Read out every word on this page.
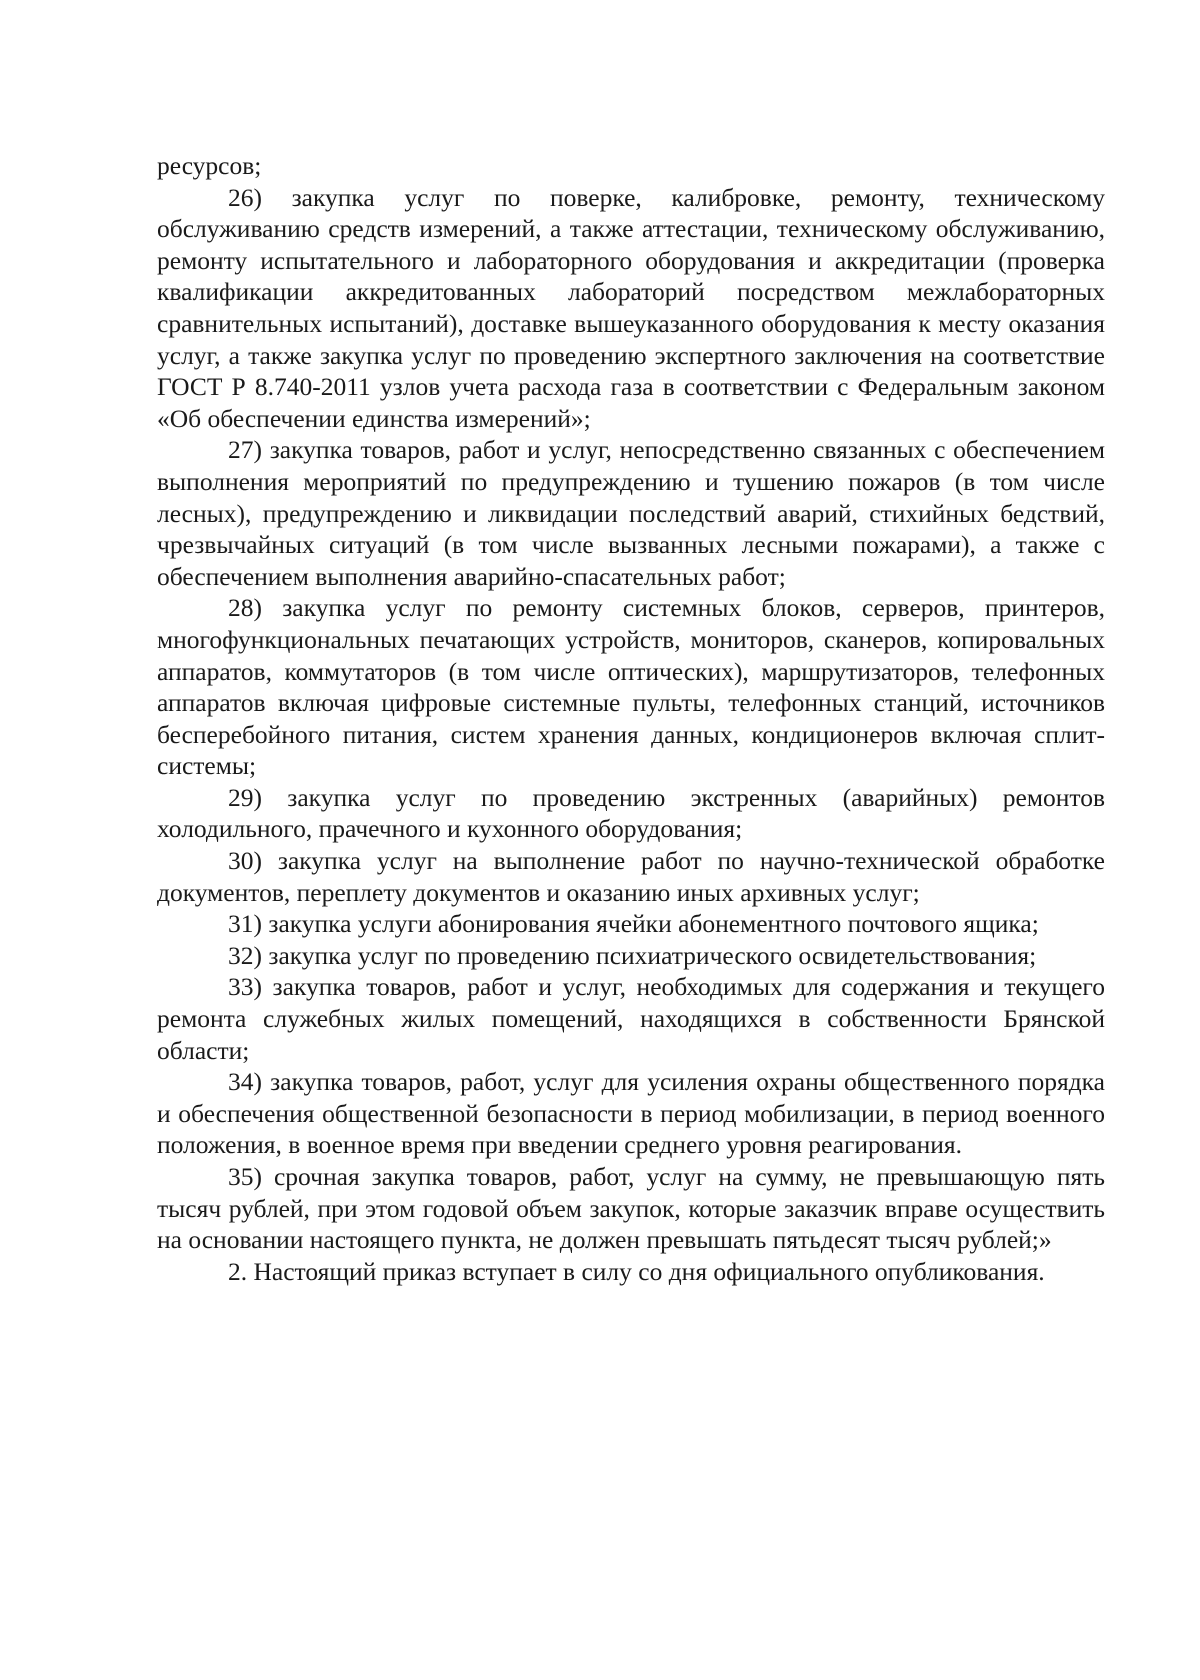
ресурсов;

26) закупка услуг по поверке, калибровке, ремонту, техническому обслуживанию средств измерений, а также аттестации, техническому обслуживанию, ремонту испытательного и лабораторного оборудования и аккредитации (проверка квалификации аккредитованных лабораторий посредством межлабораторных сравнительных испытаний), доставке вышеуказанного оборудования к месту оказания услуг, а также закупка услуг по проведению экспертного заключения на соответствие ГОСТ Р 8.740-2011 узлов учета расхода газа в соответствии с Федеральным законом «Об обеспечении единства измерений»;

27) закупка товаров, работ и услуг, непосредственно связанных с обеспечением выполнения мероприятий по предупреждению и тушению пожаров (в том числе лесных), предупреждению и ликвидации последствий аварий, стихийных бедствий, чрезвычайных ситуаций (в том числе вызванных лесными пожарами), а также с обеспечением выполнения аварийно-спасательных работ;

28) закупка услуг по ремонту системных блоков, серверов, принтеров, многофункциональных печатающих устройств, мониторов, сканеров, копировальных аппаратов, коммутаторов (в том числе оптических), маршрутизаторов, телефонных аппаратов включая цифровые системные пульты, телефонных станций, источников бесперебойного питания, систем хранения данных, кондиционеров включая сплит-системы;

29) закупка услуг по проведению экстренных (аварийных) ремонтов холодильного, прачечного и кухонного оборудования;

30) закупка услуг на выполнение работ по научно-технической обработке документов, переплету документов и оказанию иных архивных услуг;

31) закупка услуги абонирования ячейки абонементного почтового ящика;

32) закупка услуг по проведению психиатрического освидетельствования;

33) закупка товаров, работ и услуг, необходимых для содержания и текущего ремонта служебных жилых помещений, находящихся в собственности Брянской области;

34) закупка товаров, работ, услуг для усиления охраны общественного порядка и обеспечения общественной безопасности в период мобилизации, в период военного положения, в военное время при введении среднего уровня реагирования.

35) срочная закупка товаров, работ, услуг на сумму, не превышающую пять тысяч рублей, при этом годовой объем закупок, которые заказчик вправе осуществить на основании настоящего пункта, не должен превышать пятьдесят тысяч рублей;»

2. Настоящий приказ вступает в силу со дня официального опубликования.
